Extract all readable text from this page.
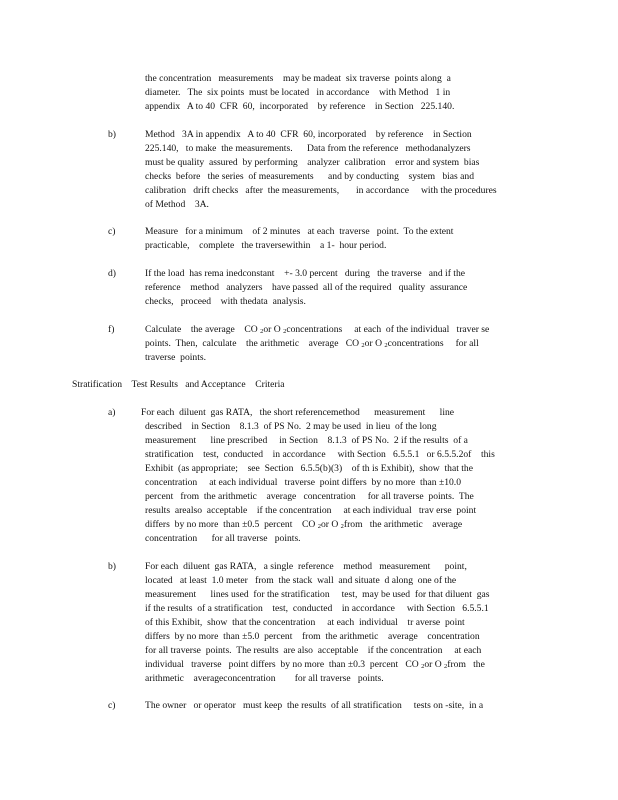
the concentration   measurements    may be madeat  six traverse  points along  a
diameter.   The  six points  must be located   in accordance    with Method   1 in
appendix   A to 40  CFR  60,  incorporated    by reference    in Section   225.140.
b)	Method   3A in appendix   A to 40  CFR  60, incorporated    by reference    in Section
225.140,   to make  the measurements.      Data from the reference   methodanalyzers
must be quality  assured  by performing    analyzer  calibration    error and system  bias
checks  before   the series  of measurements      and by conducting    system   bias and
calibration   drift checks   after  the measurements,       in accordance     with the procedures
of Method    3A.
c)	Measure   for a minimum    of 2 minutes   at each  traverse   point.  To the extent
practicable,    complete   the traversewithin    a 1-  hour period.
d)	If the load  has rema inedconstant    +- 3.0 percent   during   the traverse   and if the
reference    method   analyzers    have passed  all of the required   quality  assurance
checks,   proceed    with thedata  analysis.
f)	Calculate    the average    CO $_2$or O $_2$concentrations     at each  of the individual   traver se
points.  Then,  calculate    the arithmetic    average   CO $_2$or O $_2$concentrations     for all
traverse  points.
Stratification    Test Results   and Acceptance    Criteria
a)	For each  diluent  gas RATA,   the short referencemethod      measurement      line
described    in Section    8.1.3  of PS No.  2 may be used  in lieu  of the long
measurement      line prescribed     in Section    8.1.3  of PS No.  2 if the results  of a
stratification    test,  conducted    in accordance     with Section   6.5.5.1   or 6.5.5.2of    this
Exhibit  (as appropriate;    see  Section   6.5.5(b)(3)    of th is Exhibit),  show  that the
concentration     at each individual   traverse  point differs  by no more  than ±10.0
percent   from  the arithmetic    average   concentration     for all traverse  points.  The
results  arealso  acceptable    if the concentration     at each individual   trav erse  point
differs  by no more  than ±0.5  percent    CO $_2$or O $_2$from   the arithmetic    average
concentration      for all traverse   points.
b)	For each  diluent  gas RATA,   a single  reference    method   measurement      point,
located   at least  1.0 meter   from  the stack  wall  and situate  d along  one of the
measurement      lines used  for the stratification     test,  may be used  for that diluent  gas
if the results  of a stratification    test,  conducted    in accordance     with Section   6.5.5.1
of this Exhibit,  show  that the concentration     at each  individual    tr averse  point
differs  by no more  than ±5.0  percent    from  the arithmetic    average    concentration
for all traverse  points.  The results  are also  acceptable    if the concentration     at each
individual   traverse   point differs  by no more  than ±0.3  percent   CO $_2$or O $_2$from   the
arithmetic    averageconcentration        for all traverse   points.
c)	The owner   or operator   must keep  the results  of all stratification     tests on -site,  in a
